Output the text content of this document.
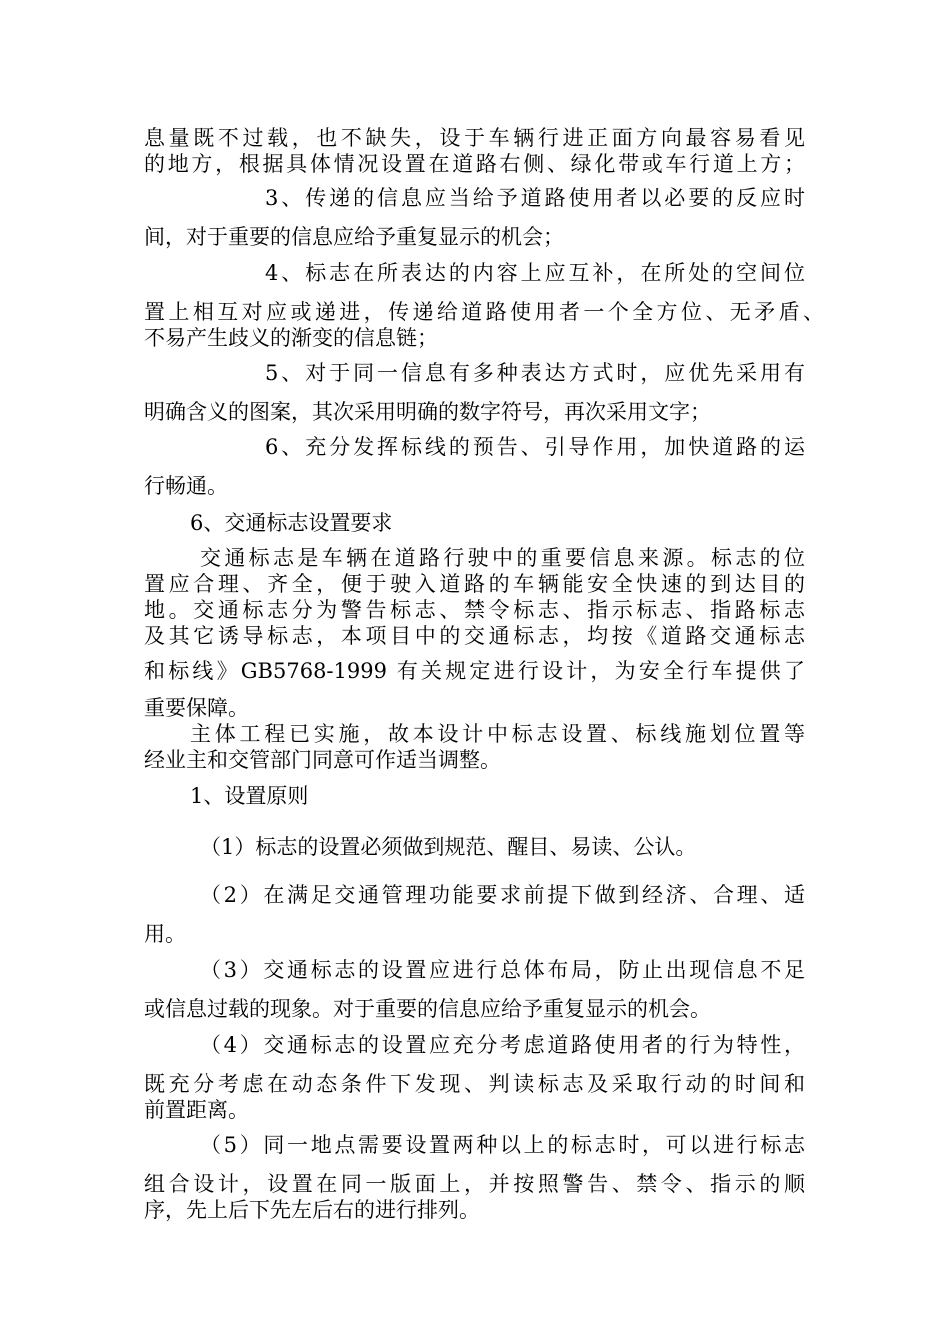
息量既不过载，也不缺失，设于车辆行进正面方向最容易看见
的地方，根据具体情况设置在道路右侧、绿化带或车行道上方；
3、传递的信息应当给予道路使用者以必要的反应时
间，对于重要的信息应给予重复显示的机会；
4、标志在所表达的内容上应互补，在所处的空间位
置上相互对应或递进，传递给道路使用者一个全方位、无矛盾、
不易产生歧义的渐变的信息链；
5、对于同一信息有多种表达方式时，应优先采用有
明确含义的图案，其次采用明确的数字符号，再次采用文字；
6、充分发挥标线的预告、引导作用，加快道路的运
行畅通。
6、交通标志设置要求
交通标志是车辆在道路行驶中的重要信息来源。标志的位
置应合理、齐全，便于驶入道路的车辆能安全快速的到达目的
地。交通标志分为警告标志、禁令标志、指示标志、指路标志
及其它诱导标志，本项目中的交通标志，均按《道路交通标志
和标线》GB5768-1999 有关规定进行设计，为安全行车提供了
重要保障。
主体工程已实施，故本设计中标志设置、标线施划位置等
经业主和交管部门同意可作适当调整。
1、设置原则
（1）标志的设置必须做到规范、醒目、易读、公认。
（2）在满足交通管理功能要求前提下做到经济、合理、适
用。
（3）交通标志的设置应进行总体布局，防止出现信息不足
或信息过载的现象。对于重要的信息应给予重复显示的机会。
（4）交通标志的设置应充分考虑道路使用者的行为特性，
既充分考虑在动态条件下发现、判读标志及采取行动的时间和
前置距离。
（5）同一地点需要设置两种以上的标志时，可以进行标志
组合设计，设置在同一版面上，并按照警告、禁令、指示的顺
序，先上后下先左后右的进行排列。
